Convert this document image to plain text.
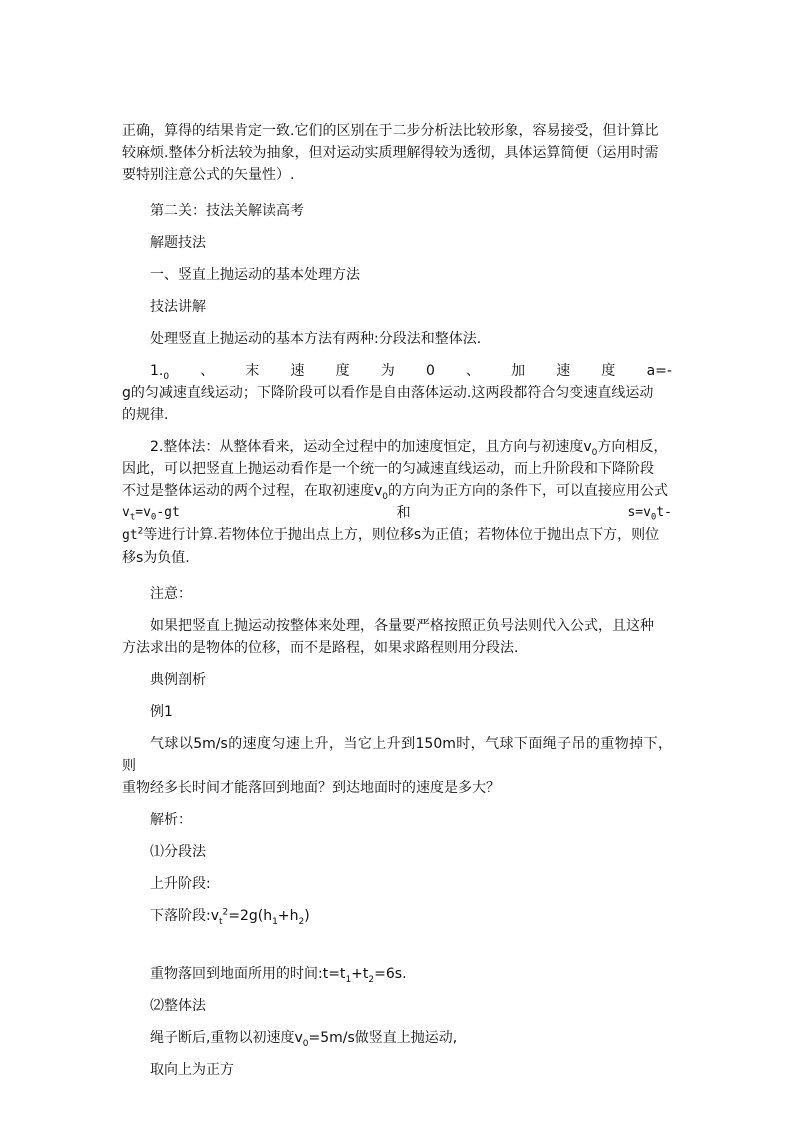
正确，算得的结果肯定一致.它们的区别在于二步分析法比较形象，容易接受，但计算比

较麻烦.整体分析法较为抽象，但对运动实质理解得较为透彻，具体运算简便（运用时需

要特别注意公式的矢量性）.

第二关：技法关解读高考

解题技法

一、竖直上抛运动的基本处理方法

技法讲解

处理竖直上抛运动的基本方法有两种:分段法和整体法.

$1._0$ 、 末 速 度 为 0 、 加 速 度 a=-

g的匀减速直线运动；下降阶段可以看作是自由落体运动.这两段都符合匀变速直线运动

的规律.

2.整体法：从整体看来，运动全过程中的加速度恒定，且方向与初速度$v_0$方向相反，

因此，可以把竖直上抛运动看作是一个统一的匀减速直线运动，而上升阶段和下降阶段

不过是整体运动的两个过程，在取初速度$v_0$的方向为正方向的条件下，可以直接应用公式

$v_t=v_0-gt$	和	$s=v_0t-$

$gt^2$等进行计算.若物体位于抛出点上方，则位移s为正值；若物体位于抛出点下方，则位

移s为负值.

注意：

如果把竖直上抛运动按整体来处理，各量要严格按照正负号法则代入公式，且这种

方法求出的是物体的位移，而不是路程，如果求路程则用分段法.

典例剖析

例1

气球以5m/s的速度匀速上升，当它上升到150m时，气球下面绳子吊的重物掉下，则

重物经多长时间才能落回到地面？到达地面时的速度是多大？

解析：

⑴分段法

上升阶段:

下落阶段$:v_t^2=2g(h_1+h_2)$

重物落回到地面所用的时间$:t=t_1+t_2=6s$.

⑵整体法

绳子断后,重物以初速度$v_0=5m/s$做竖直上抛运动,

取向上为正方
